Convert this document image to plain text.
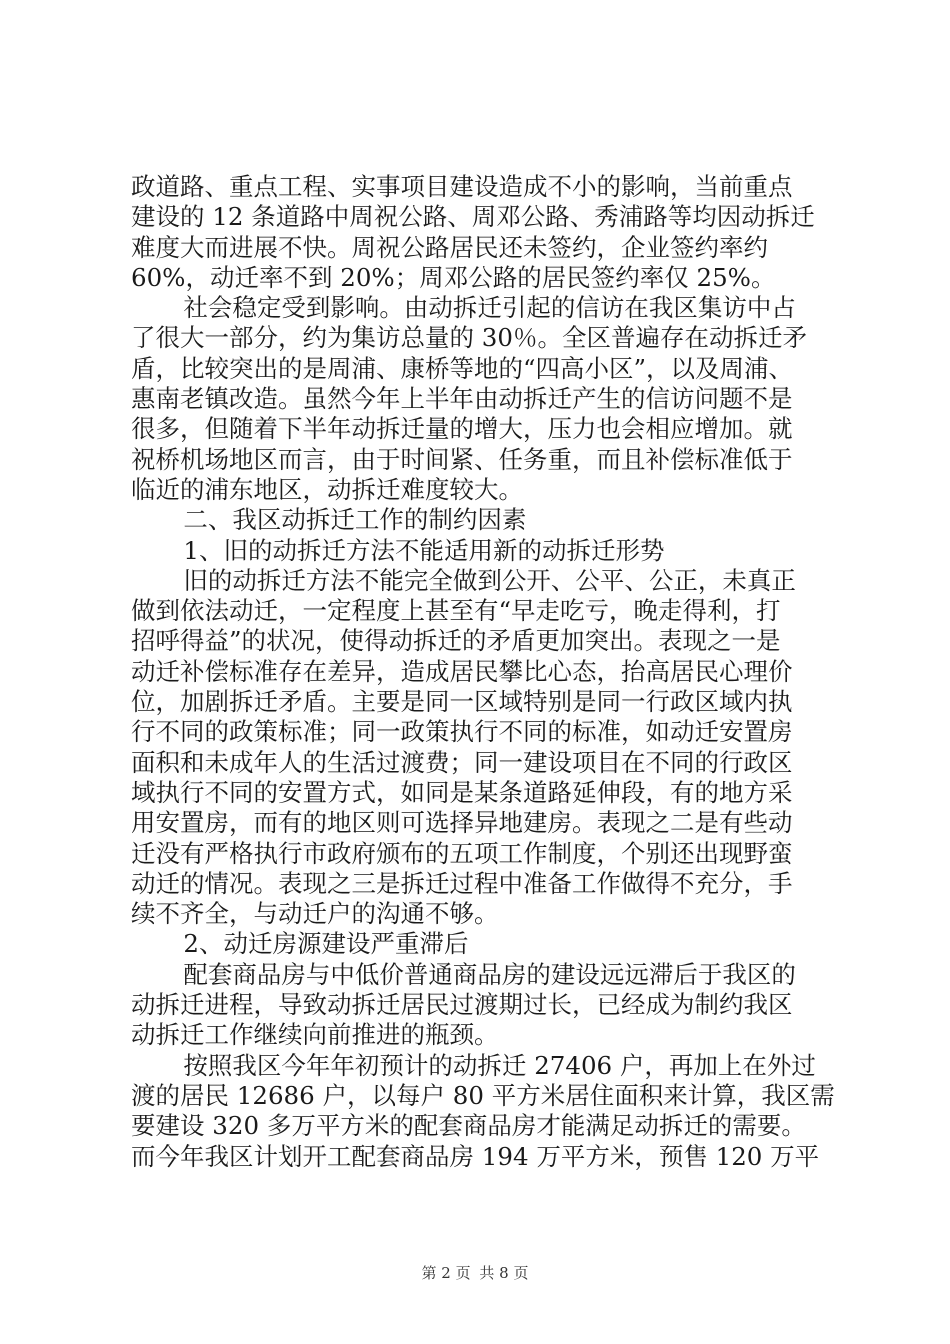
政道路、重点工程、实事项目建设造成不小的影响，当前重点
建设的 12 条道路中周祝公路、周邓公路、秀浦路等均因动拆迁
难度大而进展不快。周祝公路居民还未签约，企业签约率约
60%，动迁率不到 20%；周邓公路的居民签约率仅 25%。
社会稳定受到影响。由动拆迁引起的信访在我区集访中占
了很大一部分，约为集访总量的 30％。全区普遍存在动拆迁矛
盾，比较突出的是周浦、康桥等地的“四高小区”，以及周浦、
惠南老镇改造。虽然今年上半年由动拆迁产生的信访问题不是
很多，但随着下半年动拆迁量的增大，压力也会相应增加。就
祝桥机场地区而言，由于时间紧、任务重，而且补偿标准低于
临近的浦东地区，动拆迁难度较大。
二、我区动拆迁工作的制约因素
1、旧的动拆迁方法不能适用新的动拆迁形势
旧的动拆迁方法不能完全做到公开、公平、公正，未真正
做到依法动迁，一定程度上甚至有“早走吃亏，晚走得利，打
招呼得益”的状况，使得动拆迁的矛盾更加突出。表现之一是
动迁补偿标准存在差异，造成居民攀比心态，抬高居民心理价
位，加剧拆迁矛盾。主要是同一区域特别是同一行政区域内执
行不同的政策标准；同一政策执行不同的标准，如动迁安置房
面积和未成年人的生活过渡费；同一建设项目在不同的行政区
域执行不同的安置方式，如同是某条道路延伸段，有的地方采
用安置房，而有的地区则可选择异地建房。表现之二是有些动
迁没有严格执行市政府颁布的五项工作制度，个别还出现野蛮
动迁的情况。表现之三是拆迁过程中准备工作做得不充分，手
续不齐全，与动迁户的沟通不够。
2、动迁房源建设严重滞后
配套商品房与中低价普通商品房的建设远远滞后于我区的
动拆迁进程，导致动拆迁居民过渡期过长，已经成为制约我区
动拆迁工作继续向前推进的瓶颈。
按照我区今年年初预计的动拆迁 27406 户，再加上在外过
渡的居民 12686 户，以每户 80 平方米居住面积来计算，我区需
要建设 320 多万平方米的配套商品房才能满足动拆迁的需要。
而今年我区计划开工配套商品房 194 万平方米，预售 120 万平
第 2 页 共 8 页
